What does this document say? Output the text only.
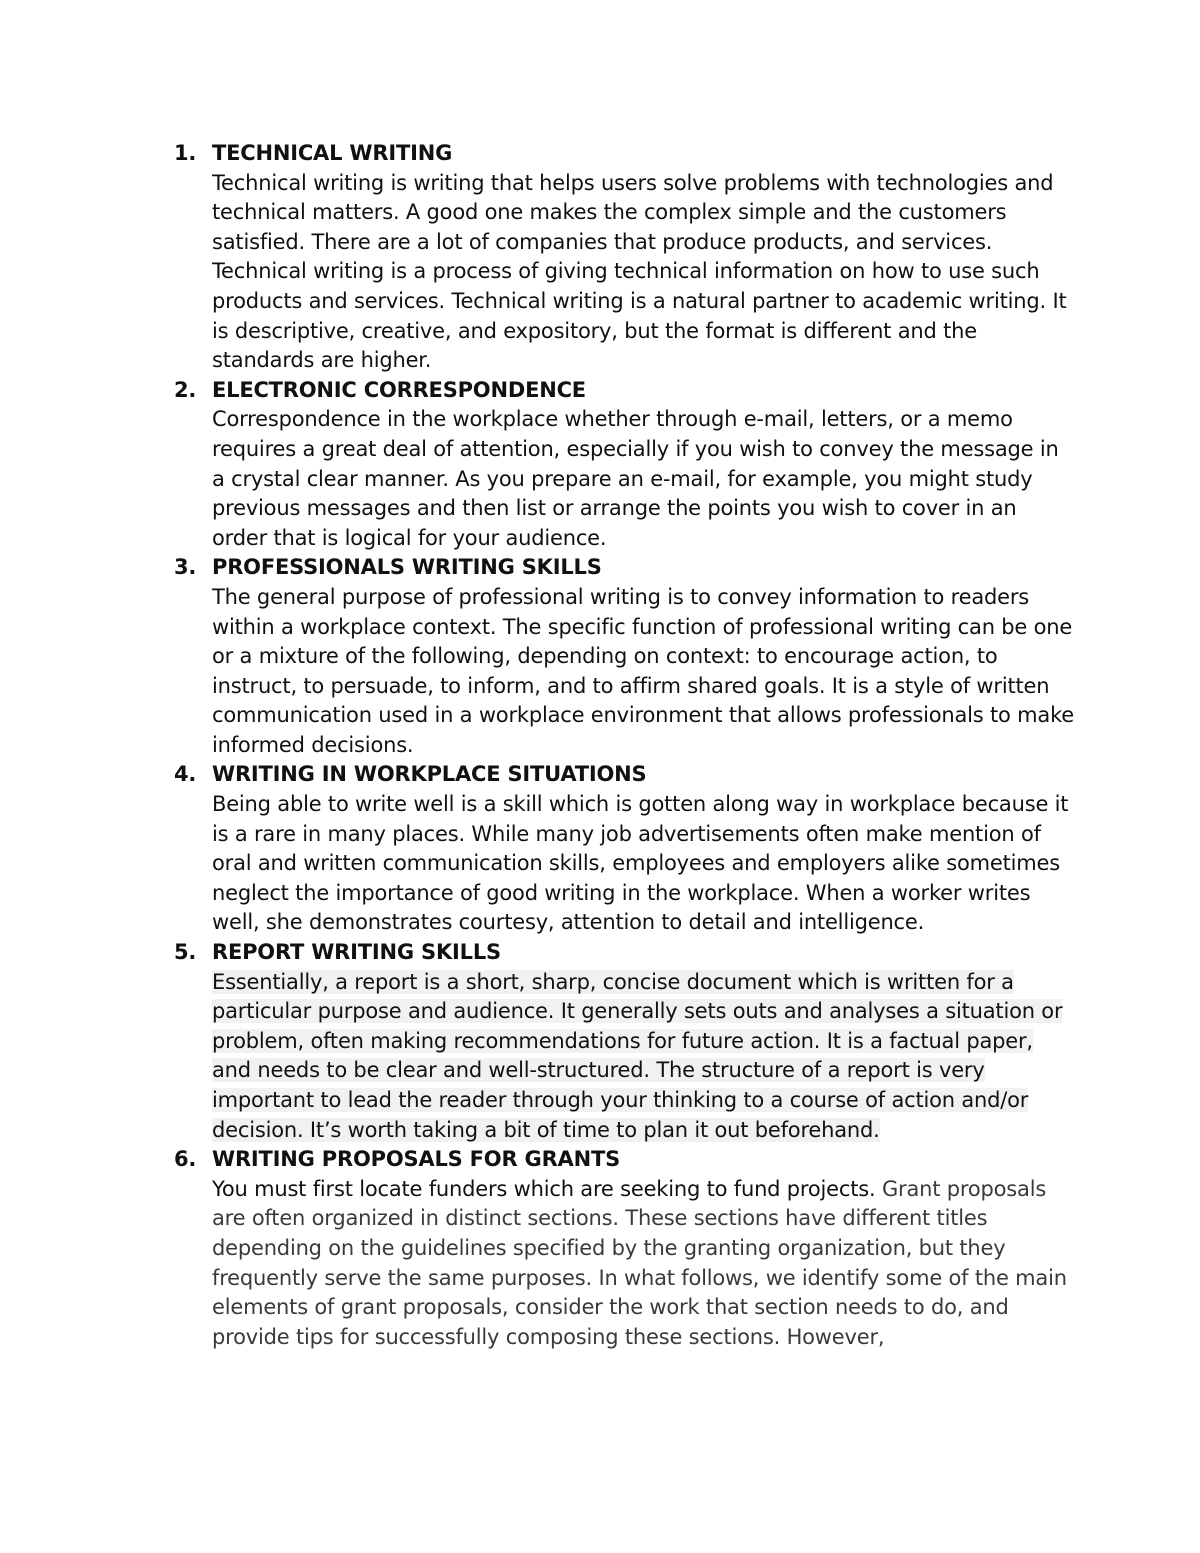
1. TECHNICAL WRITING
Technical writing is writing that helps users solve problems with technologies and technical matters. A good one makes the complex simple and the customers satisfied. There are a lot of companies that produce products, and services. Technical writing is a process of giving technical information on how to use such products and services. Technical writing is a natural partner to academic writing. It is descriptive, creative, and expository, but the format is different and the standards are higher.
2. ELECTRONIC CORRESPONDENCE
Correspondence in the workplace whether through e-mail, letters, or a memo requires a great deal of attention, especially if you wish to convey the message in a crystal clear manner. As you prepare an e-mail, for example, you might study previous messages and then list or arrange the points you wish to cover in an order that is logical for your audience.
3. PROFESSIONALS WRITING SKILLS
The general purpose of professional writing is to convey information to readers within a workplace context. The specific function of professional writing can be one or a mixture of the following, depending on context: to encourage action, to instruct, to persuade, to inform, and to affirm shared goals. It is a style of written communication used in a workplace environment that allows professionals to make informed decisions.
4. WRITING IN WORKPLACE SITUATIONS
Being able to write well is a skill which is gotten along way in workplace because it is a rare in many places. While many job advertisements often make mention of oral and written communication skills, employees and employers alike sometimes neglect the importance of good writing in the workplace. When a worker writes well, she demonstrates courtesy, attention to detail and intelligence.
5. REPORT WRITING SKILLS
Essentially, a report is a short, sharp, concise document which is written for a particular purpose and audience. It generally sets outs and analyses a situation or problem, often making recommendations for future action. It is a factual paper, and needs to be clear and well-structured. The structure of a report is very important to lead the reader through your thinking to a course of action and/or decision. It’s worth taking a bit of time to plan it out beforehand.
6. WRITING PROPOSALS FOR GRANTS
You must first locate funders which are seeking to fund projects. Grant proposals are often organized in distinct sections. These sections have different titles depending on the guidelines specified by the granting organization, but they frequently serve the same purposes. In what follows, we identify some of the main elements of grant proposals, consider the work that section needs to do, and provide tips for successfully composing these sections. However,
